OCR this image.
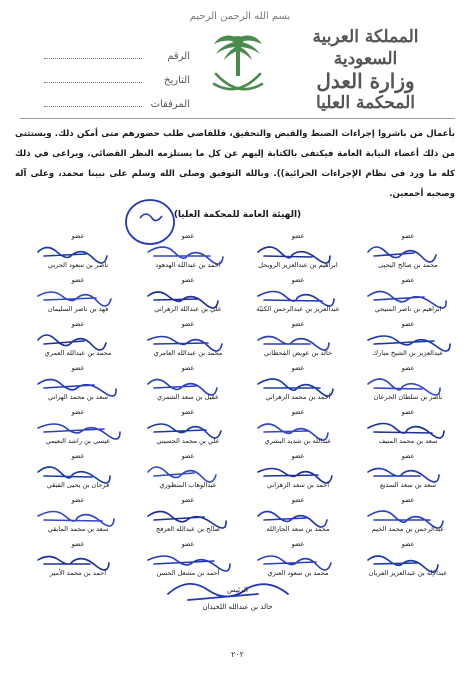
بسم الله الرحمن الرحيم
المملكة العربية السعودية
وزارة العدل
المحكمة العليا
الرقم
التاريخ
المرفقات

بأعمال من باشروا إجراءات الضبط والقبض والتحقيق، فللقاضي طلب حضورهم متى أمكن ذلك. ويستثنى من ذلك أعضاء النيابة العامة فيكتفى بالكتابة إليهم عن كل ما يستلزمه النظر القضائي. ويراعى في ذلك كله ما ورد في نظام الإجراءات الجزائية)). وبالله التوفيق وصلى الله وسلم على نبينا محمد، وعلى آله وصحبه أجمعين.

(الهيئة العامة للمحكمة العليا)
عضو
محمد بن صالح اليحيى
عضو
ابراهيم بن عبدالعزيز الرويحل
عضو
أحمد بن عبدالله الهدهود
عضو
ناصر بن سعود الحربي
عضو
ابراهيم بن ناصر المنيحي
عضو
عبدالعزيز بن عبدالرحمن الكثيّة
عضو
علي بن عبدالله الزهراني
عضو
فهد بن ناصر السليمان
عضو
عبدالعزيز بن الشيخ مبارك
عضو
خالد بن عويض القحطاني
عضو
محمد بن عبدالله العامري
عضو
محمد بن عبدالله العمري
عضو
ناصر بن سلطان الخرعان
عضو
أحمد بن محمد الزهراني
عضو
عقيل بن سعد الشمري
عضو
سعد بن محمد الهزاني
عضو
سعد بن محمد المنيف
عضو
عبدالله بن شديد البشري
عضو
علي بن محمد الحسيني
عضو
عيسى بن راشد النعيمي
عضو
سعد بن سعد السديع
عضو
أحمد بن سعد الزهراني
عضو
عبدالوهاب المنظوري
عضو
فرحان بن يحيى الفيفي
عضو
عبدالرحمن بن محمد الخيم
عضو
محمد بن سعد الجارالله
عضو
صالح بن عبدالله العرفج
عضو
سعد بن محمد المايقي
عضو
عبدالإله بن عبدالعزيز الفريان
عضو
محمد بن سعود العنزي
عضو
أحمد بن مشعل الحسن
عضو
أحمد بن محمد الأمير
الرئيس
خالد بن عبدالله اللحيدان
٢٠٢
